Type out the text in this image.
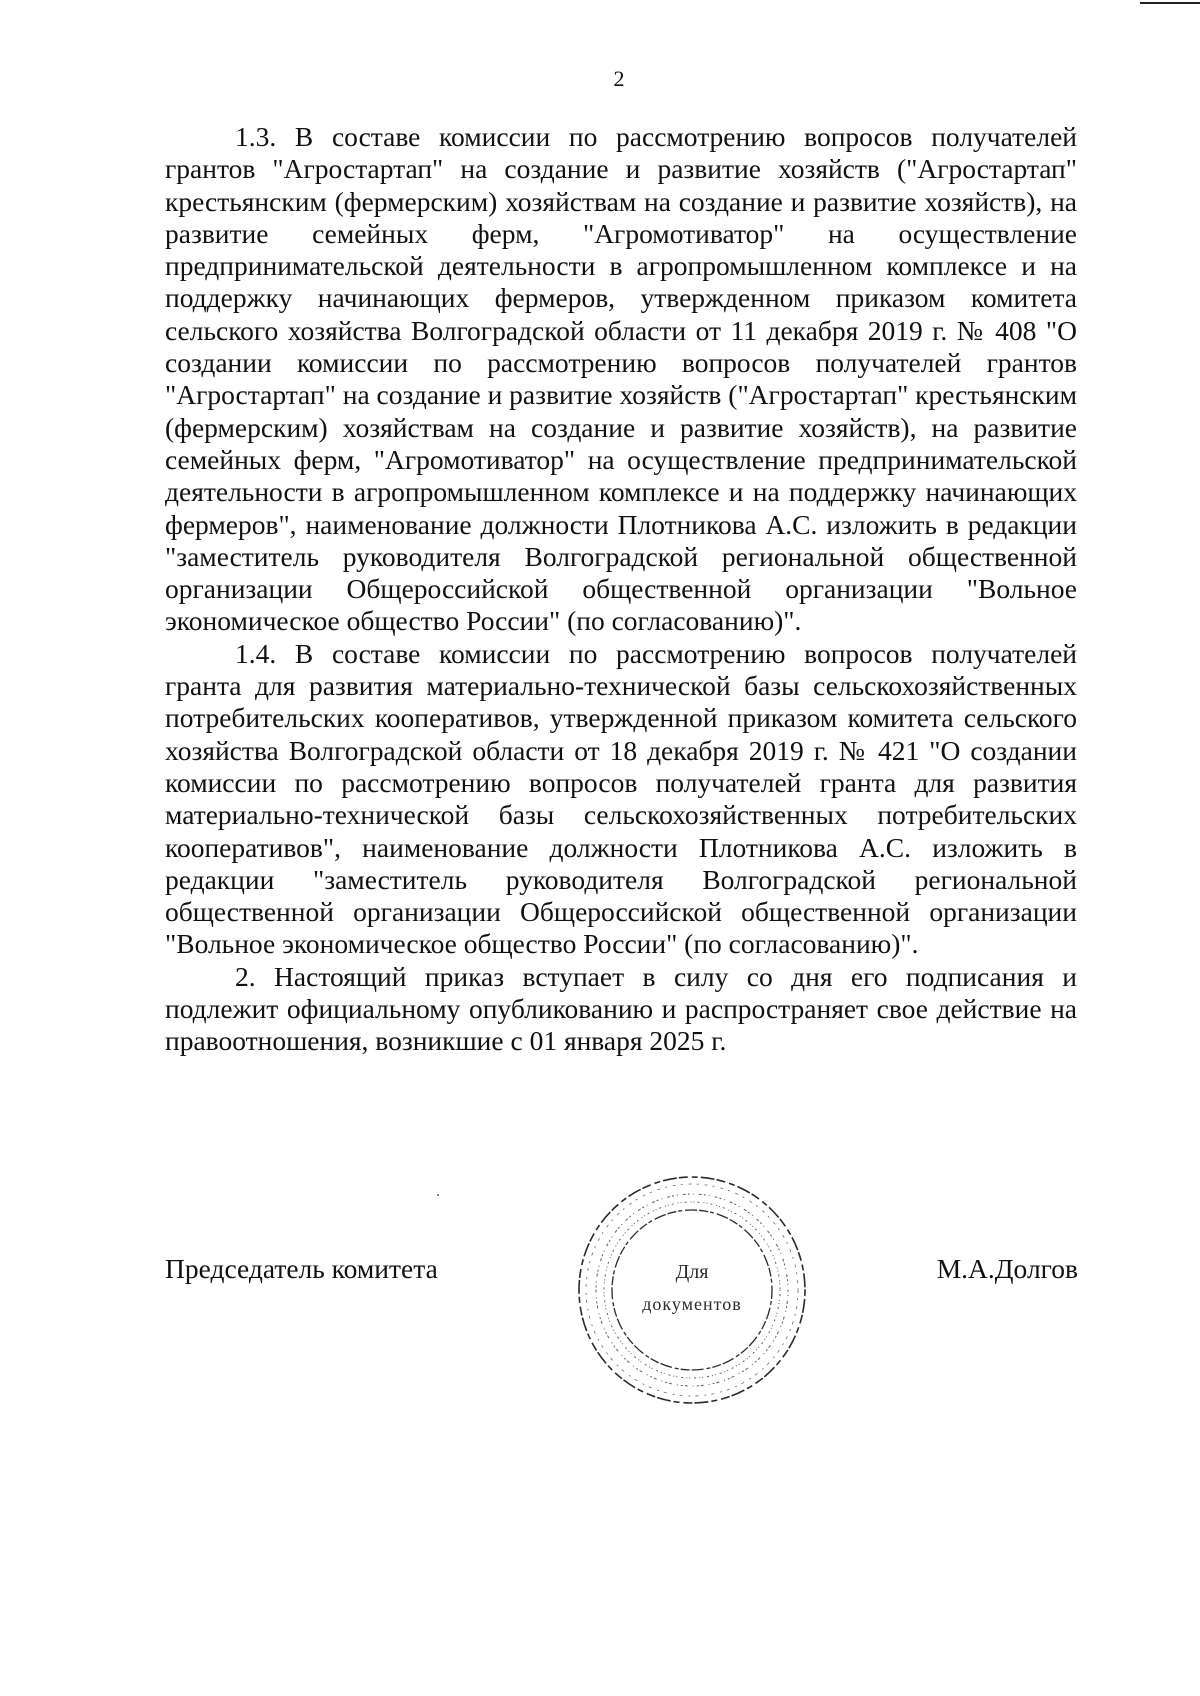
2

1.3. В составе комиссии по рассмотрению вопросов получателей грантов "Агростартап" на создание и развитие хозяйств ("Агростартап" крестьянским (фермерским) хозяйствам на создание и развитие хозяйств), на развитие семейных ферм, "Агромотиватор" на осуществление предпринимательской деятельности в агропромышленном комплексе и на поддержку начинающих фермеров, утвержденном приказом комитета сельского хозяйства Волгоградской области от 11 декабря 2019 г. № 408 "О создании комиссии по рассмотрению вопросов получателей грантов "Агростартап" на создание и развитие хозяйств ("Агростартап" крестьянским (фермерским) хозяйствам на создание и развитие хозяйств), на развитие семейных ферм, "Агромотиватор" на осуществление предпринимательской деятельности в агропромышленном комплексе и на поддержку начинающих фермеров", наименование должности Плотникова А.С. изложить в редакции "заместитель руководителя Волгоградской региональной общественной организации Общероссийской общественной организации "Вольное экономическое общество России" (по согласованию)".

1.4. В составе комиссии по рассмотрению вопросов получателей гранта для развития материально-технической базы сельскохозяйственных потребительских кооперативов, утвержденной приказом комитета сельского хозяйства Волгоградской области от 18 декабря 2019 г. № 421 "О создании комиссии по рассмотрению вопросов получателей гранта для развития материально-технической базы сельскохозяйственных потребительских кооперативов", наименование должности Плотникова А.С. изложить в редакции "заместитель руководителя Волгоградской региональной общественной организации Общероссийской общественной организации "Вольное экономическое общество России" (по согласованию)".

2. Настоящий приказ вступает в силу со дня его подписания и подлежит официальному опубликованию и распространяет свое действие на правоотношения, возникшие с 01 января 2025 г.

Председатель комитета	Для
документов
М.А.Долгов
